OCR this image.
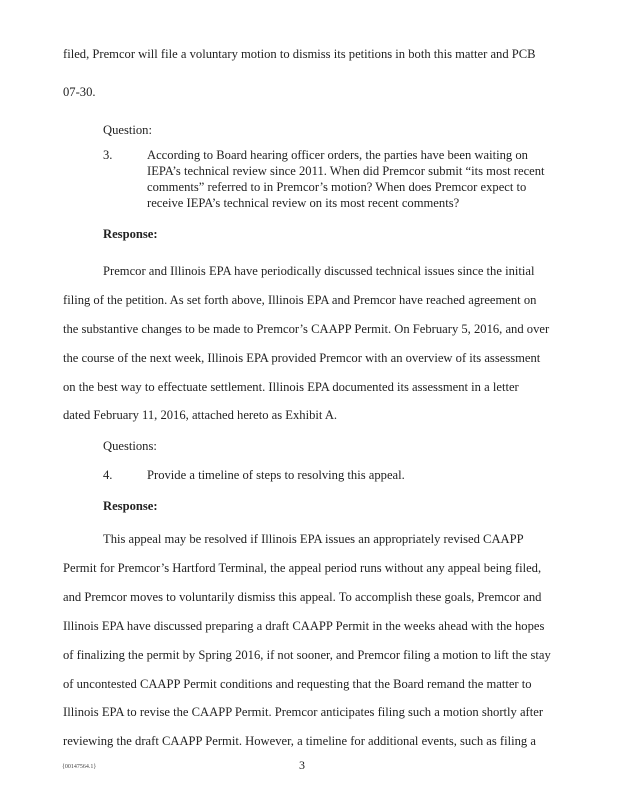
filed, Premcor will file a voluntary motion to dismiss its petitions in both this matter and PCB
07-30.
Question:
3.	According to Board hearing officer orders, the parties have been waiting on
IEPA’s technical review since 2011. When did Premcor submit “its most recent
comments” referred to in Premcor’s motion? When does Premcor expect to
receive IEPA’s technical review on its most recent comments?
Response:
Premcor and Illinois EPA have periodically discussed technical issues since the initial
filing of the petition. As set forth above, Illinois EPA and Premcor have reached agreement on
the substantive changes to be made to Premcor’s CAAPP Permit. On February 5, 2016, and over
the course of the next week, Illinois EPA provided Premcor with an overview of its assessment
on the best way to effectuate settlement. Illinois EPA documented its assessment in a letter
dated February 11, 2016, attached hereto as Exhibit A.
Questions:
4.	Provide a timeline of steps to resolving this appeal.
Response:
This appeal may be resolved if Illinois EPA issues an appropriately revised CAAPP
Permit for Premcor’s Hartford Terminal, the appeal period runs without any appeal being filed,
and Premcor moves to voluntarily dismiss this appeal. To accomplish these goals, Premcor and
Illinois EPA have discussed preparing a draft CAAPP Permit in the weeks ahead with the hopes
of finalizing the permit by Spring 2016, if not sooner, and Premcor filing a motion to lift the stay
of uncontested CAAPP Permit conditions and requesting that the Board remand the matter to
Illinois EPA to revise the CAAPP Permit. Premcor anticipates filing such a motion shortly after
reviewing the draft CAAPP Permit. However, a timeline for additional events, such as filing a
{00147564.1}	3
